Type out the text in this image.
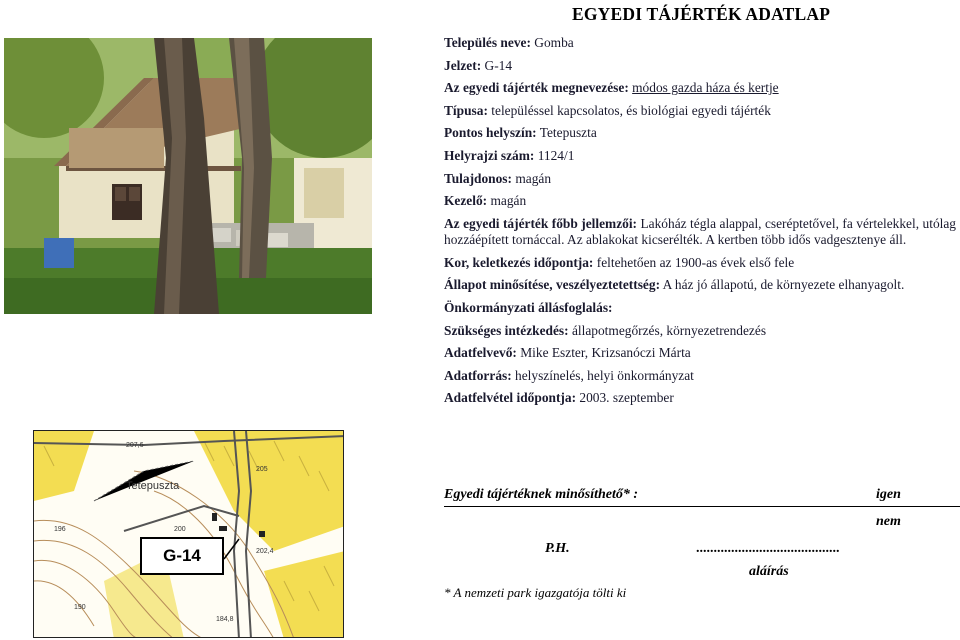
EGYEDI TÁJÉRTÉK ADATLAP
Tetepuszta
207,6
205
202,4
184,8
196
190
200
G-14
Település neve: Gomba
Jelzet: G-14
Az egyedi tájérték megnevezése: módos gazda háza és kertje
Típusa: településsel kapcsolatos, és biológiai egyedi tájérték
Pontos helyszín: Tetepuszta
Helyrajzi szám: 1124/1
Tulajdonos: magán
Kezelő: magán
Az egyedi tájérték főbb jellemzői: Lakóház tégla alappal, cseréptetővel, fa vértelekkel, utólag hozzáépített tornáccal. Az ablakokat kicserélték. A kertben több idős vadgesztenye áll.
Kor, keletkezés időpontja: feltehetően az 1900-as évek első fele
Állapot minősítése, veszélyeztetettség: A ház jó állapotú, de környezete elhanyagolt.
Önkormányzati állásfoglalás:
Szükséges intézkedés: állapotmegőrzés, környezetrendezés
Adatfelvevő: Mike Eszter, Krizsanóczi Márta
Adatforrás: helyszínelés, helyi önkormányzat
Adatfelvétel időpontja: 2003. szeptember
Egyedi tájértéknek minősíthető* :	igen
nem
P.H.	.........................................
aláírás
* A nemzeti park igazgatója tölti ki
